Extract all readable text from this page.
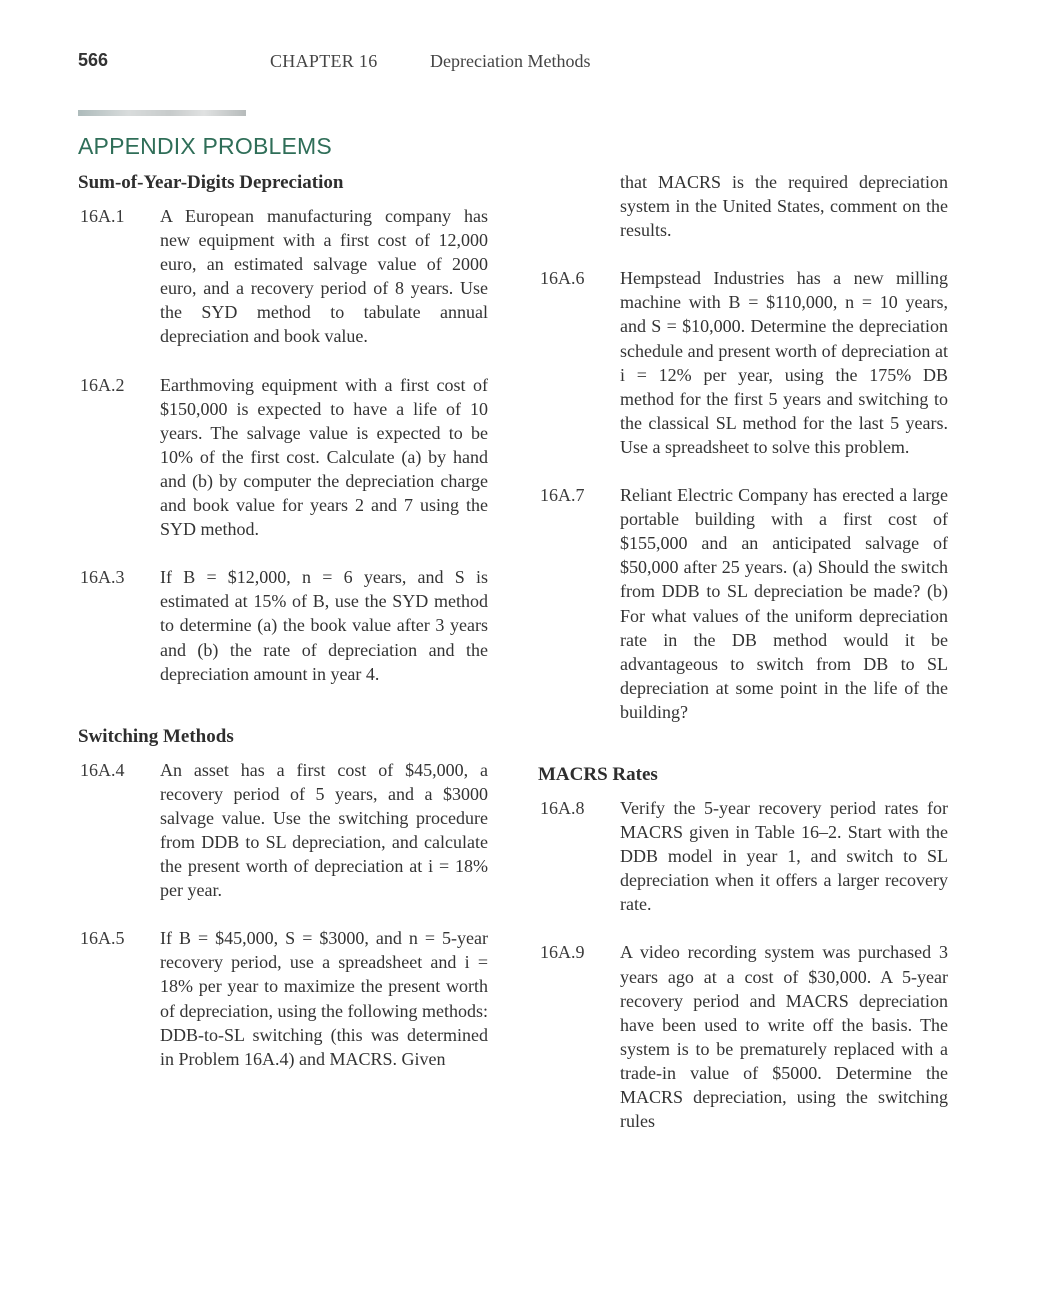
566	CHAPTER 16	Depreciation Methods
APPENDIX PROBLEMS
Sum-of-Year-Digits Depreciation
16A.1	A European manufacturing company has new equipment with a first cost of 12,000 euro, an estimated salvage value of 2000 euro, and a recovery period of 8 years. Use the SYD method to tabulate annual depreciation and book value.
16A.2	Earthmoving equipment with a first cost of $150,000 is expected to have a life of 10 years. The salvage value is expected to be 10% of the first cost. Calculate (a) by hand and (b) by computer the depreciation charge and book value for years 2 and 7 using the SYD method.
16A.3	If B = $12,000, n = 6 years, and S is estimated at 15% of B, use the SYD method to determine (a) the book value after 3 years and (b) the rate of depreciation and the depreciation amount in year 4.
Switching Methods
16A.4	An asset has a first cost of $45,000, a recovery period of 5 years, and a $3000 salvage value. Use the switching procedure from DDB to SL depreciation, and calculate the present worth of depreciation at i = 18% per year.
16A.5	If B = $45,000, S = $3000, and n = 5-year recovery period, use a spreadsheet and i = 18% per year to maximize the present worth of depreciation, using the following methods: DDB-to-SL switching (this was determined in Problem 16A.4) and MACRS. Given
that MACRS is the required depreciation system in the United States, comment on the results.
16A.6	Hempstead Industries has a new milling machine with B = $110,000, n = 10 years, and S = $10,000. Determine the depreciation schedule and present worth of depreciation at i = 12% per year, using the 175% DB method for the first 5 years and switching to the classical SL method for the last 5 years. Use a spreadsheet to solve this problem.
16A.7	Reliant Electric Company has erected a large portable building with a first cost of $155,000 and an anticipated salvage of $50,000 after 25 years. (a) Should the switch from DDB to SL depreciation be made? (b) For what values of the uniform depreciation rate in the DB method would it be advantageous to switch from DB to SL depreciation at some point in the life of the building?
MACRS Rates
16A.8	Verify the 5-year recovery period rates for MACRS given in Table 16–2. Start with the DDB model in year 1, and switch to SL depreciation when it offers a larger recovery rate.
16A.9	A video recording system was purchased 3 years ago at a cost of $30,000. A 5-year recovery period and MACRS depreciation have been used to write off the basis. The system is to be prematurely replaced with a trade-in value of $5000. Determine the MACRS depreciation, using the switching rules
